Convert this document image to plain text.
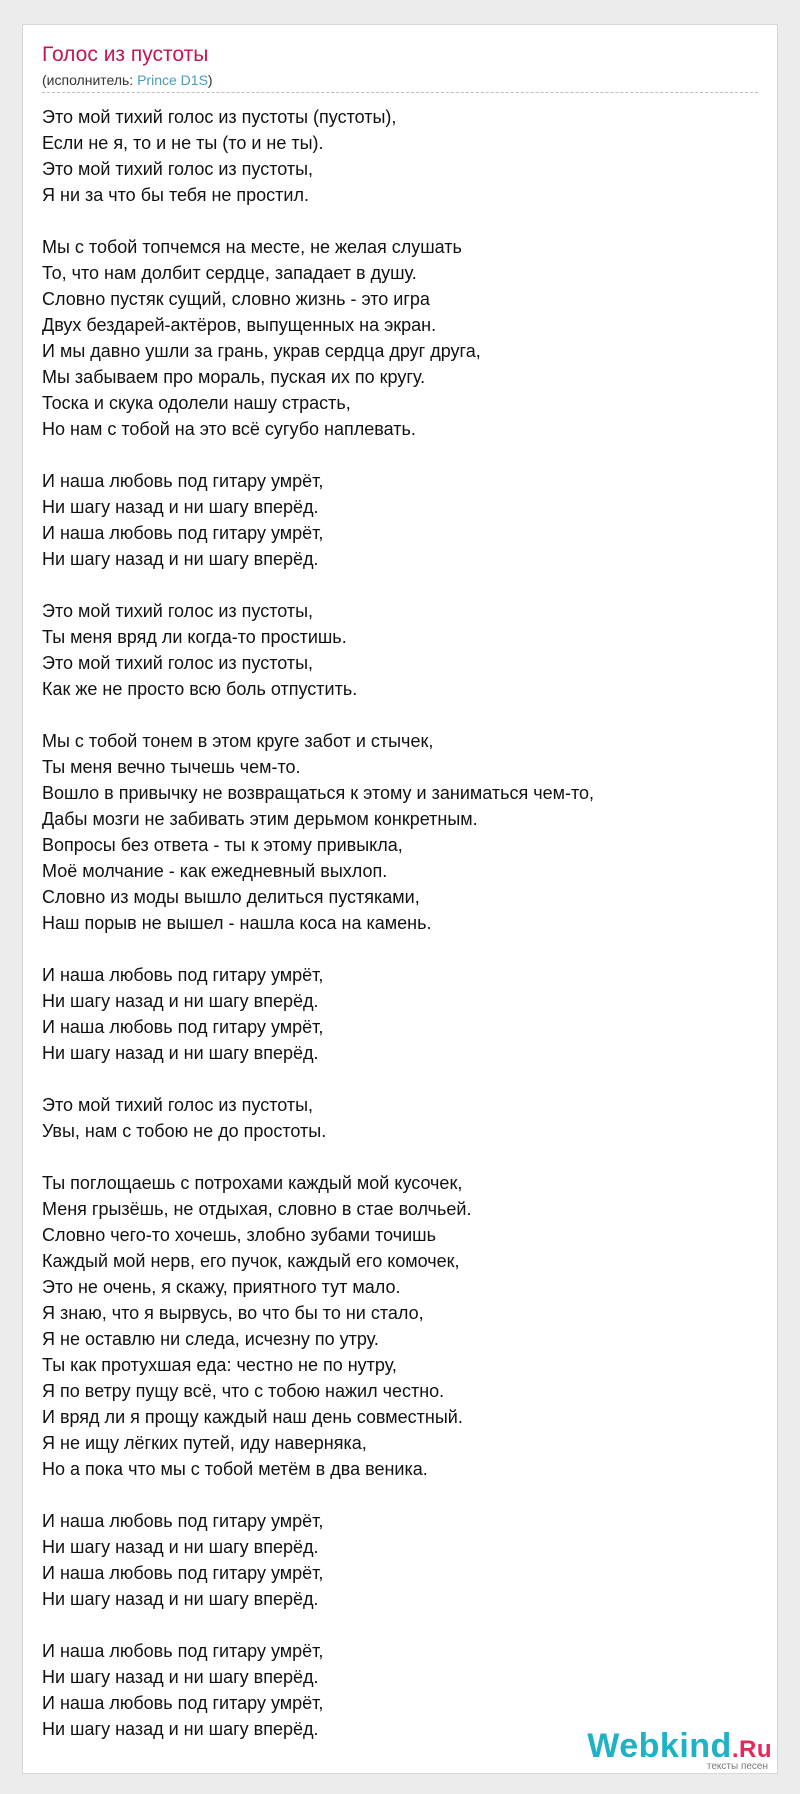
Голос из пустоты
(исполнитель: Prince D1S)
Это мой тихий голос из пустоты (пустоты),
Если не я, то и не ты (то и не ты).
Это мой тихий голос из пустоты,
Я ни за что бы тебя не простил.
Мы с тобой топчемся на месте, не желая слушать
То, что нам долбит сердце, западает в душу.
Словно пустяк сущий, словно жизнь - это игра
Двух бездарей-актёров, выпущенных на экран.
И мы давно ушли за грань, украв сердца друг друга,
Мы забываем про мораль, пуская их по кругу.
Тоска и скука одолели нашу страсть,
Но нам с тобой на это всё сугубо наплевать.
И наша любовь под гитару умрёт,
Ни шагу назад и ни шагу вперёд.
И наша любовь под гитару умрёт,
Ни шагу назад и ни шагу вперёд.
Это мой тихий голос из пустоты,
Ты меня вряд ли когда-то простишь.
Это мой тихий голос из пустоты,
Как же не просто всю боль отпустить.
Мы с тобой тонем в этом круге забот и стычек,
Ты меня вечно тычешь чем-то.
Вошло в привычку не возвращаться к этому и заниматься чем-то,
Дабы мозги не забивать этим дерьмом конкретным.
Вопросы без ответа - ты к этому привыкла,
Моё молчание - как ежедневный выхлоп.
Словно из моды вышло делиться пустяками,
Наш порыв не вышел - нашла коса на камень.
И наша любовь под гитару умрёт,
Ни шагу назад и ни шагу вперёд.
И наша любовь под гитару умрёт,
Ни шагу назад и ни шагу вперёд.
Это мой тихий голос из пустоты,
Увы, нам с тобою не до простоты.
Ты поглощаешь с потрохами каждый мой кусочек,
Меня грызёшь, не отдыхая, словно в стае волчьей.
Словно чего-то хочешь, злобно зубами точишь
Каждый мой нерв, его пучок, каждый его комочек,
Это не очень, я скажу, приятного тут мало.
Я знаю, что я вырвусь, во что бы то ни стало,
Я не оставлю ни следа, исчезну по утру.
Ты как протухшая еда: честно не по нутру,
Я по ветру пущу всё, что с тобою нажил честно.
И вряд ли я прощу каждый наш день совместный.
Я не ищу лёгких путей, иду наверняка,
Но а пока что мы с тобой метём в два веника.
И наша любовь под гитару умрёт,
Ни шагу назад и ни шагу вперёд.
И наша любовь под гитару умрёт,
Ни шагу назад и ни шагу вперёд.
И наша любовь под гитару умрёт,
Ни шагу назад и ни шагу вперёд.
И наша любовь под гитару умрёт,
Ни шагу назад и ни шагу вперёд.	Webkind.Ru
тексты песен
